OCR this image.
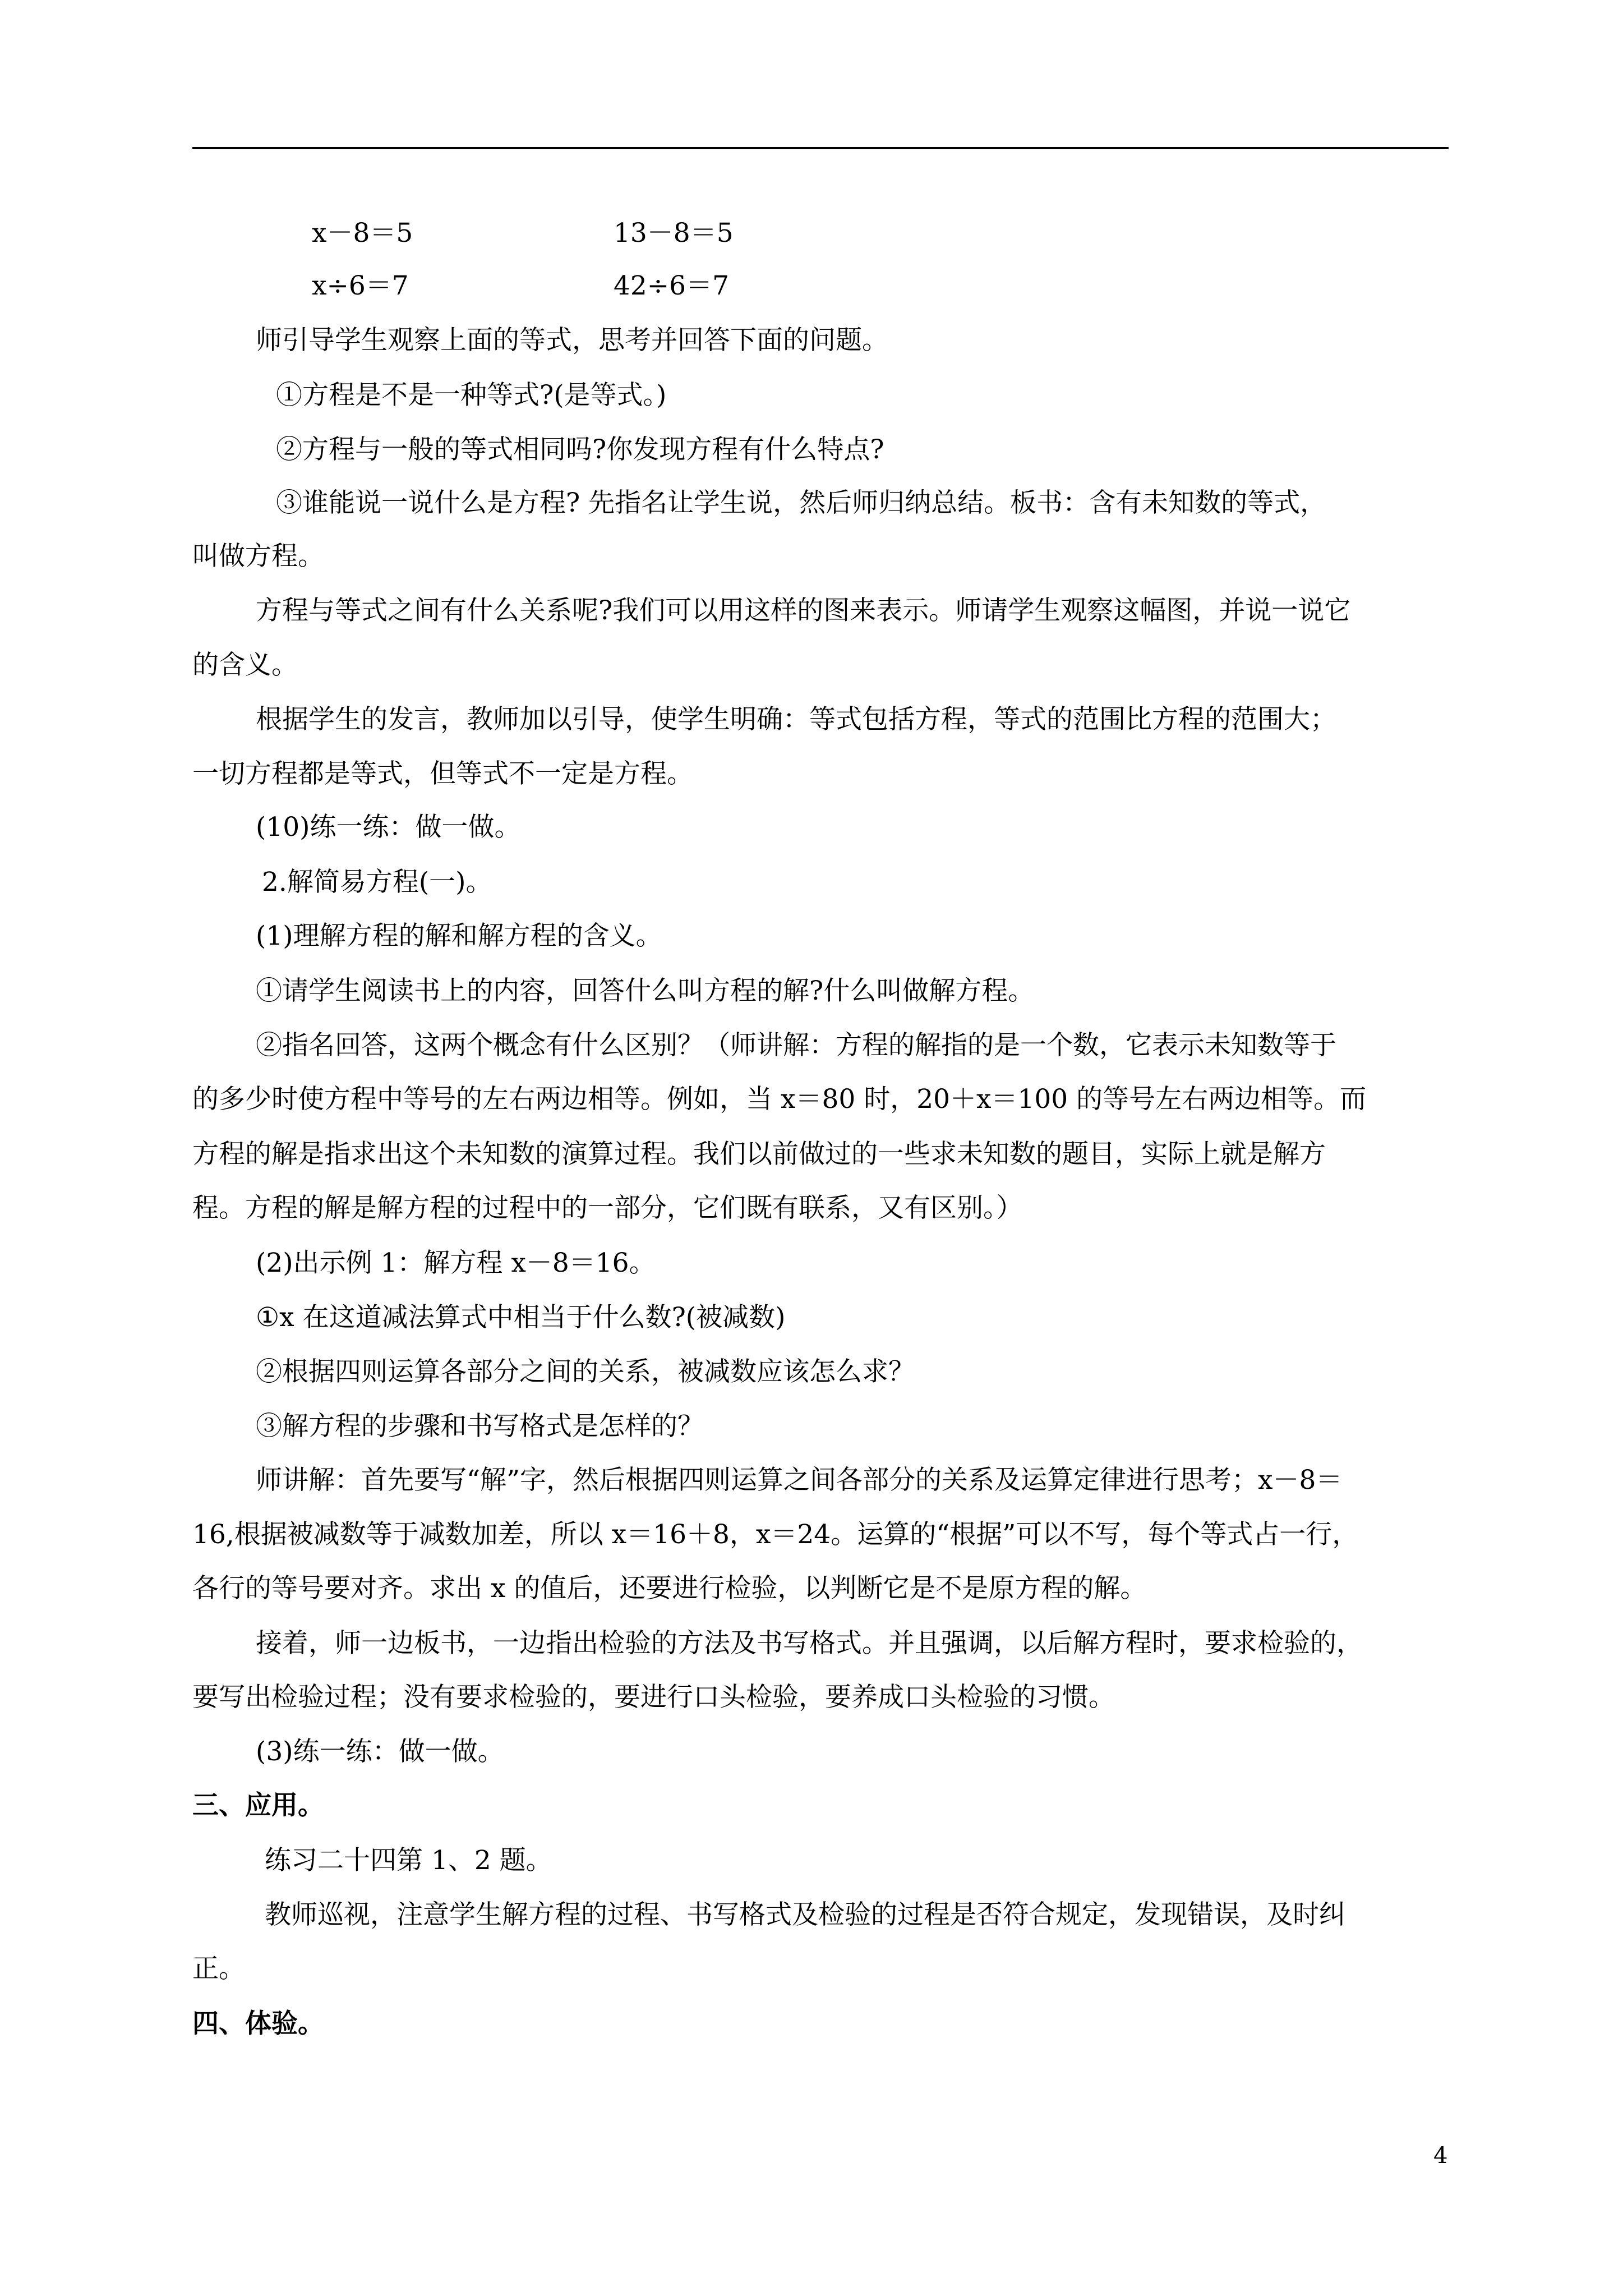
x－8＝5	13－8＝5
x÷6＝7	42÷6＝7
师引导学生观察上面的等式，思考并回答下面的问题。
①方程是不是一种等式?(是等式。)
②方程与一般的等式相同吗?你发现方程有什么特点?
③谁能说一说什么是方程? 先指名让学生说，然后师归纳总结。板书：含有未知数的等式，
叫做方程。
方程与等式之间有什么关系呢?我们可以用这样的图来表示。师请学生观察这幅图，并说一说它
的含义。
根据学生的发言，教师加以引导，使学生明确：等式包括方程，等式的范围比方程的范围大；
一切方程都是等式，但等式不一定是方程。
(10)练一练：做一做。
2.解简易方程(一)。
(1)理解方程的解和解方程的含义。
①请学生阅读书上的内容，回答什么叫方程的解?什么叫做解方程。
②指名回答，这两个概念有什么区别？（师讲解：方程的解指的是一个数，它表示未知数等于
的多少时使方程中等号的左右两边相等。例如，当 x＝80 时，20＋x＝100 的等号左右两边相等。而
方程的解是指求出这个未知数的演算过程。我们以前做过的一些求未知数的题目，实际上就是解方
程。方程的解是解方程的过程中的一部分，它们既有联系，又有区别。）
(2)出示例 1：解方程 x－8＝16。
①x 在这道减法算式中相当于什么数?(被减数)
②根据四则运算各部分之间的关系，被减数应该怎么求？
③解方程的步骤和书写格式是怎样的？
师讲解：首先要写“解”字，然后根据四则运算之间各部分的关系及运算定律进行思考；x－8＝
16,根据被减数等于减数加差，所以 x＝16＋8，x＝24。运算的“根据”可以不写，每个等式占一行，
各行的等号要对齐。求出 x 的值后，还要进行检验，以判断它是不是原方程的解。
接着，师一边板书，一边指出检验的方法及书写格式。并且强调，以后解方程时，要求检验的，
要写出检验过程；没有要求检验的，要进行口头检验，要养成口头检验的习惯。
(3)练一练：做一做。
三、应用。
练习二十四第 1、2 题。
教师巡视，注意学生解方程的过程、书写格式及检验的过程是否符合规定，发现错误，及时纠
正。
四、体验。
4
